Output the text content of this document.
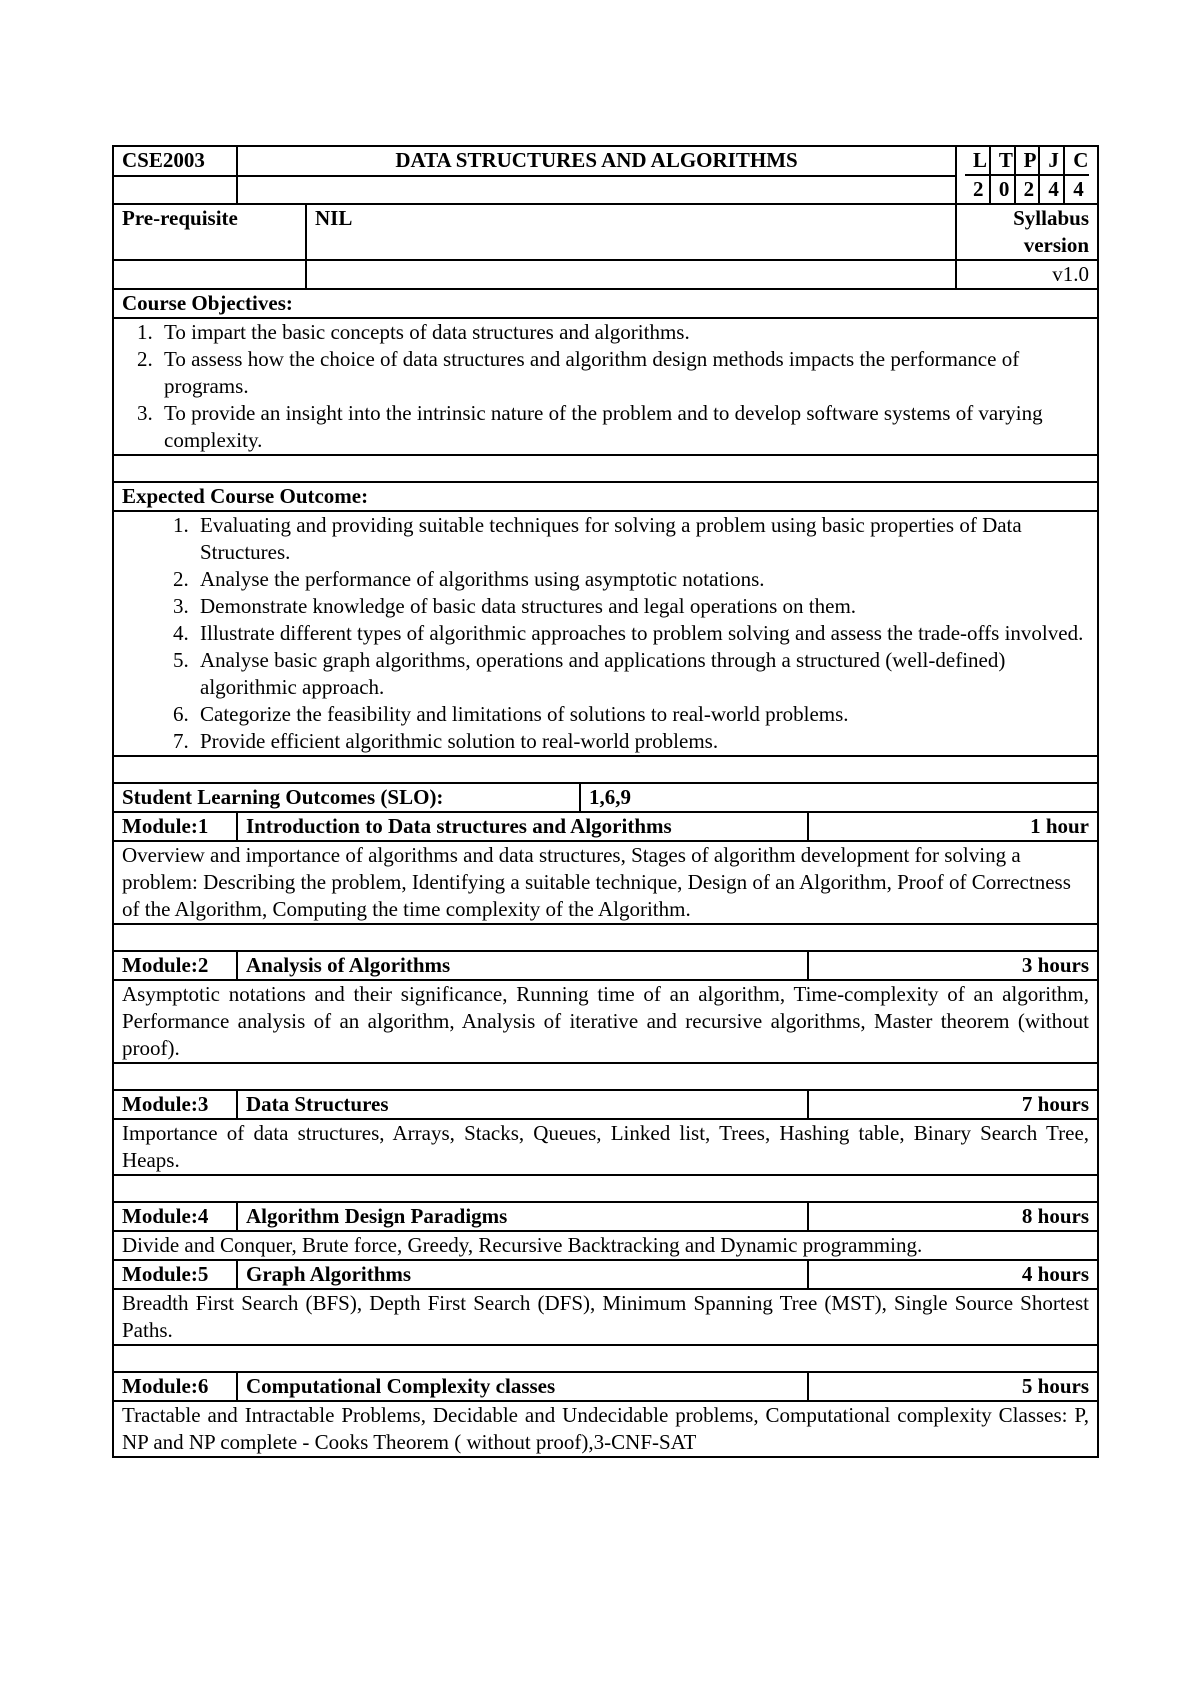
CSE2003	DATA STRUCTURES AND ALGORITHMS		L	T	P	J	C
2	0	2	4	4

Pre-requisite	NIL	Syllabus version
		v1.0
Course Objectives:

1. To impart the basic concepts of data structures and algorithms.
2. To assess how the choice of data structures and algorithm design methods impacts the performance of programs.
3. To provide an insight into the intrinsic nature of the problem and to develop software systems of varying complexity.

Expected Course Outcome:

1. Evaluating and providing suitable techniques for solving a problem using basic properties of Data Structures.
2. Analyse the performance of algorithms using asymptotic notations.
3. Demonstrate knowledge of basic data structures and legal operations on them.
4. Illustrate different types of algorithmic approaches to problem solving and assess the trade-offs involved.
5. Analyse basic graph algorithms, operations and applications through a structured (well-defined) algorithmic approach.
6. Categorize the feasibility and limitations of solutions to real-world problems.
7. Provide efficient algorithmic solution to real-world problems.

Student Learning Outcomes (SLO):	1,6,9
Module:1	Introduction to Data structures and Algorithms	1 hour
Overview and importance of algorithms and data structures, Stages of algorithm development for solving a problem: Describing the problem, Identifying a suitable technique, Design of an Algorithm, Proof of Correctness of the Algorithm, Computing the time complexity of the Algorithm.

Module:2	Analysis of Algorithms	3 hours
Asymptotic notations and their significance, Running time of an algorithm, Time-complexity of an algorithm, Performance analysis of an algorithm, Analysis of iterative and recursive algorithms, Master theorem (without proof).

Module:3	Data Structures	7 hours
Importance of data structures, Arrays, Stacks, Queues, Linked list, Trees, Hashing table, Binary Search Tree, Heaps.

Module:4	Algorithm Design Paradigms	8 hours
Divide and Conquer, Brute force, Greedy, Recursive Backtracking and Dynamic programming.
Module:5	Graph Algorithms	4 hours
Breadth First Search (BFS), Depth First Search (DFS), Minimum Spanning Tree (MST), Single Source Shortest Paths.

Module:6	Computational Complexity classes	5 hours
Tractable and Intractable Problems, Decidable and Undecidable problems, Computational complexity Classes: P, NP and NP complete - Cooks Theorem ( without proof),3-CNF-SAT
